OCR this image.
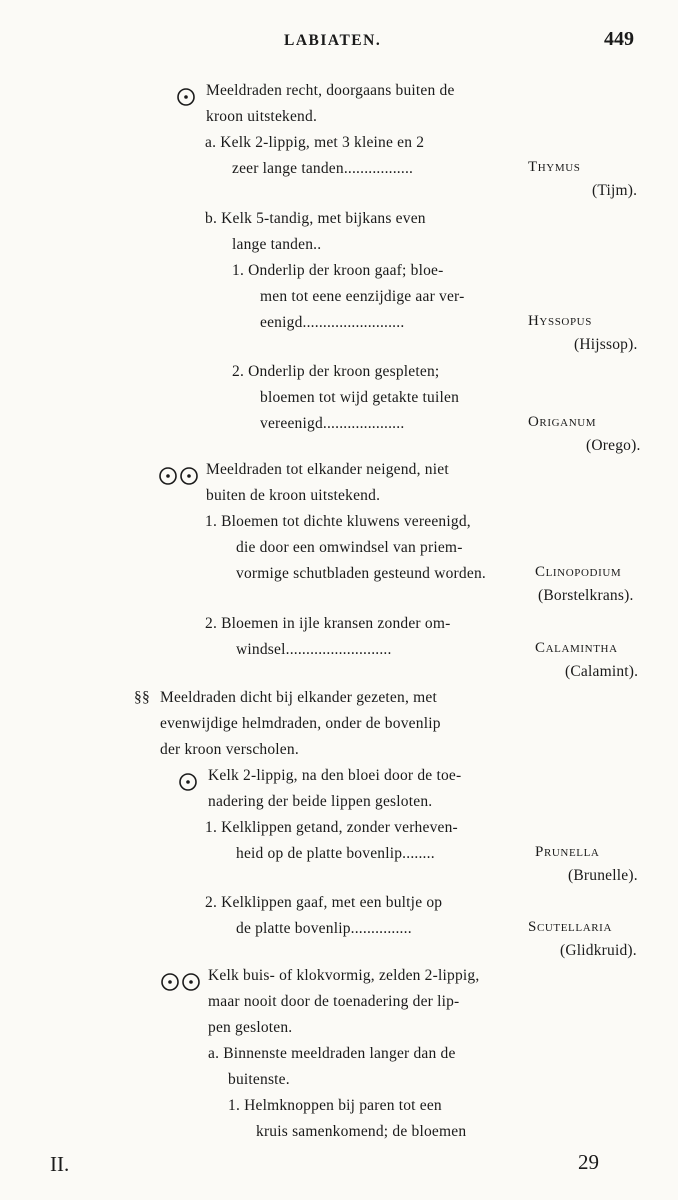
LABIATEN.	449
Meeldraden recht, doorgaans buiten de
kroon uitstekend.
a. Kelk 2-lippig, met 3 kleine en 2
zeer lange tanden.................	Thymus
(Tijm).
b. Kelk 5-tandig, met bijkans even
lange tanden..
1. Onderlip der kroon gaaf; bloe-
men tot eene eenzijdige aar ver-
eenigd.........................	Hyssopus
(Hijssop).
2. Onderlip der kroon gespleten;
bloemen tot wijd getakte tuilen
vereenigd....................	Origanum
(Orego).
Meeldraden tot elkander neigend, niet
buiten de kroon uitstekend.
1. Bloemen tot dichte kluwens vereenigd,
die door een omwindsel van priem-
vormige schutbladen gesteund worden.	Clinopodium
(Borstelkrans).
2. Bloemen in ijle kransen zonder om-
windsel..........................	Calamintha
(Calamint).
§§ Meeldraden dicht bij elkander gezeten, met
evenwijdige helmdraden, onder de bovenlip
der kroon verscholen.
Kelk 2-lippig, na den bloei door de toe-
nadering der beide lippen gesloten.
1. Kelklippen getand, zonder verheven-
heid op de platte bovenlip........	Prunella
(Brunelle).
2. Kelklippen gaaf, met een bultje op
de platte bovenlip...............	Scutellaria
(Glidkruid).
Kelk buis- of klokvormig, zelden 2-lippig,
maar nooit door de toenadering der lip-
pen gesloten.
a. Binnenste meeldraden langer dan de
buitenste.
1. Helmknoppen bij paren tot een
kruis samenkomend; de bloemen
II.	29
